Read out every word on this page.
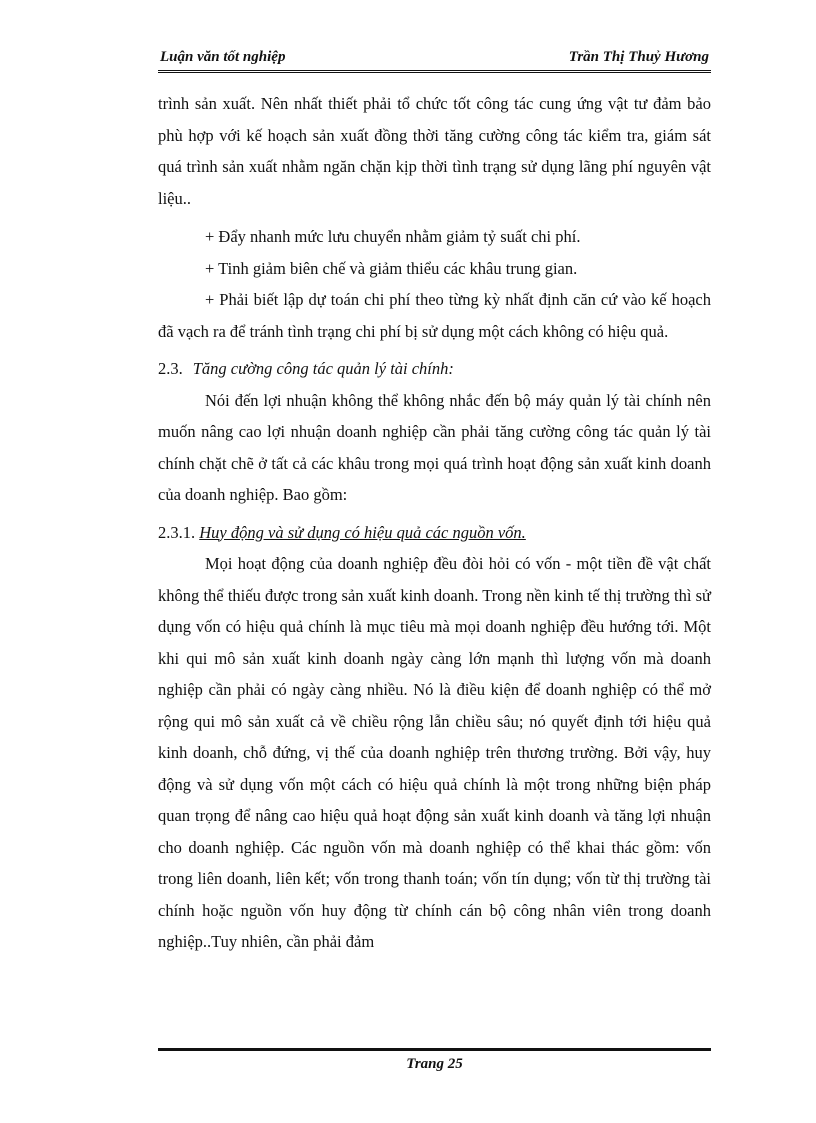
Luận văn tốt nghiệp	Trần Thị Thuỷ Hương

trình sản xuất. Nên nhất thiết phải tổ chức tốt công tác cung ứng vật tư đảm bảo phù hợp với kế hoạch sản xuất đồng thời tăng cường công tác kiểm tra, giám sát quá trình sản xuất nhằm ngăn chặn kịp thời tình trạng sử dụng lãng phí nguyên vật liệu..

+ Đẩy nhanh mức lưu chuyển nhằm giảm tỷ suất chi phí.

+ Tinh giảm biên chế và giảm thiểu các khâu trung gian.

+ Phải biết lập dự toán chi phí theo từng kỳ nhất định căn cứ vào kế hoạch đã vạch ra để tránh tình trạng chi phí bị sử dụng một cách không có hiệu quả.

2.3. Tăng cường công tác quản lý tài chính:

Nói đến lợi nhuận không thể không nhắc đến bộ máy quản lý tài chính nên muốn nâng cao lợi nhuận doanh nghiệp cần phải tăng cường công tác quản lý tài chính chặt chẽ ở tất cả các khâu trong mọi quá trình hoạt động sản xuất kinh doanh của doanh nghiệp. Bao gồm:

2.3.1. Huy động và sử dụng có hiệu quả các nguồn vốn.

Mọi hoạt động của doanh nghiệp đều đòi hỏi có vốn - một tiền đề vật chất không thể thiếu được trong sản xuất kinh doanh. Trong nền kinh tế thị trường thì sử dụng vốn có hiệu quả chính là mục tiêu mà mọi doanh nghiệp đều hướng tới. Một khi qui mô sản xuất kinh doanh ngày càng lớn mạnh thì lượng vốn mà doanh nghiệp cần phải có ngày càng nhiều. Nó là điều kiện để doanh nghiệp có thể mở rộng qui mô sản xuất cả về chiều rộng lẫn chiều sâu; nó quyết định tới hiệu quả kinh doanh, chỗ đứng, vị thế của doanh nghiệp trên thương trường. Bởi vậy, huy động và sử dụng vốn một cách có hiệu quả chính là một trong những biện pháp quan trọng để nâng cao hiệu quả hoạt động sản xuất kinh doanh và tăng lợi nhuận cho doanh nghiệp. Các nguồn vốn mà doanh nghiệp có thể khai thác gồm: vốn trong liên doanh, liên kết; vốn trong thanh toán; vốn tín dụng; vốn từ thị trường tài chính hoặc nguồn vốn huy động từ chính cán bộ công nhân viên trong doanh nghiệp..Tuy nhiên, cần phải đảm

Trang 25
